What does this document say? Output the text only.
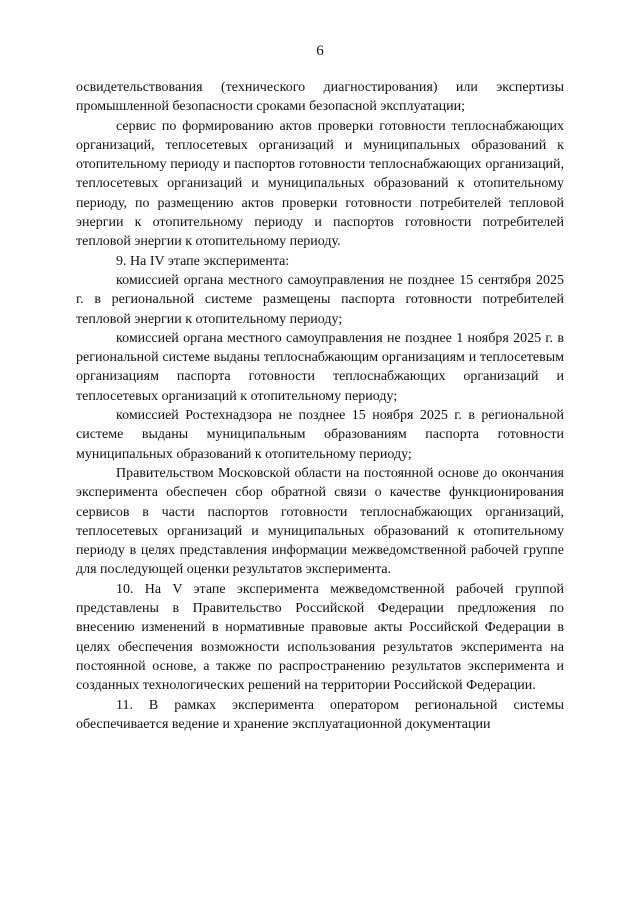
6

освидетельствования (технического диагностирования) или экспертизы промышленной безопасности сроками безопасной эксплуатации;

сервис по формированию актов проверки готовности теплоснабжающих организаций, теплосетевых организаций и муниципальных образований к отопительному периоду и паспортов готовности теплоснабжающих организаций, теплосетевых организаций и муниципальных образований к отопительному периоду, по размещению актов проверки готовности потребителей тепловой энергии к отопительному периоду и паспортов готовности потребителей тепловой энергии к отопительному периоду.

9. На IV этапе эксперимента:

комиссией органа местного самоуправления не позднее 15 сентября 2025 г. в региональной системе размещены паспорта готовности потребителей тепловой энергии к отопительному периоду;

комиссией органа местного самоуправления не позднее 1 ноября 2025 г. в региональной системе выданы теплоснабжающим организациям и теплосетевым организациям паспорта готовности теплоснабжающих организаций и теплосетевых организаций к отопительному периоду;

комиссией Ростехнадзора не позднее 15 ноября 2025 г. в региональной системе выданы муниципальным образованиям паспорта готовности муниципальных образований к отопительному периоду;

Правительством Московской области на постоянной основе до окончания эксперимента обеспечен сбор обратной связи о качестве функционирования сервисов в части паспортов готовности теплоснабжающих организаций, теплосетевых организаций и муниципальных образований к отопительному периоду в целях представления информации межведомственной рабочей группе для последующей оценки результатов эксперимента.

10. На V этапе эксперимента межведомственной рабочей группой представлены в Правительство Российской Федерации предложения по внесению изменений в нормативные правовые акты Российской Федерации в целях обеспечения возможности использования результатов эксперимента на постоянной основе, а также по распространению результатов эксперимента и созданных технологических решений на территории Российской Федерации.

11. В рамках эксперимента оператором региональной системы обеспечивается ведение и хранение эксплуатационной документации
